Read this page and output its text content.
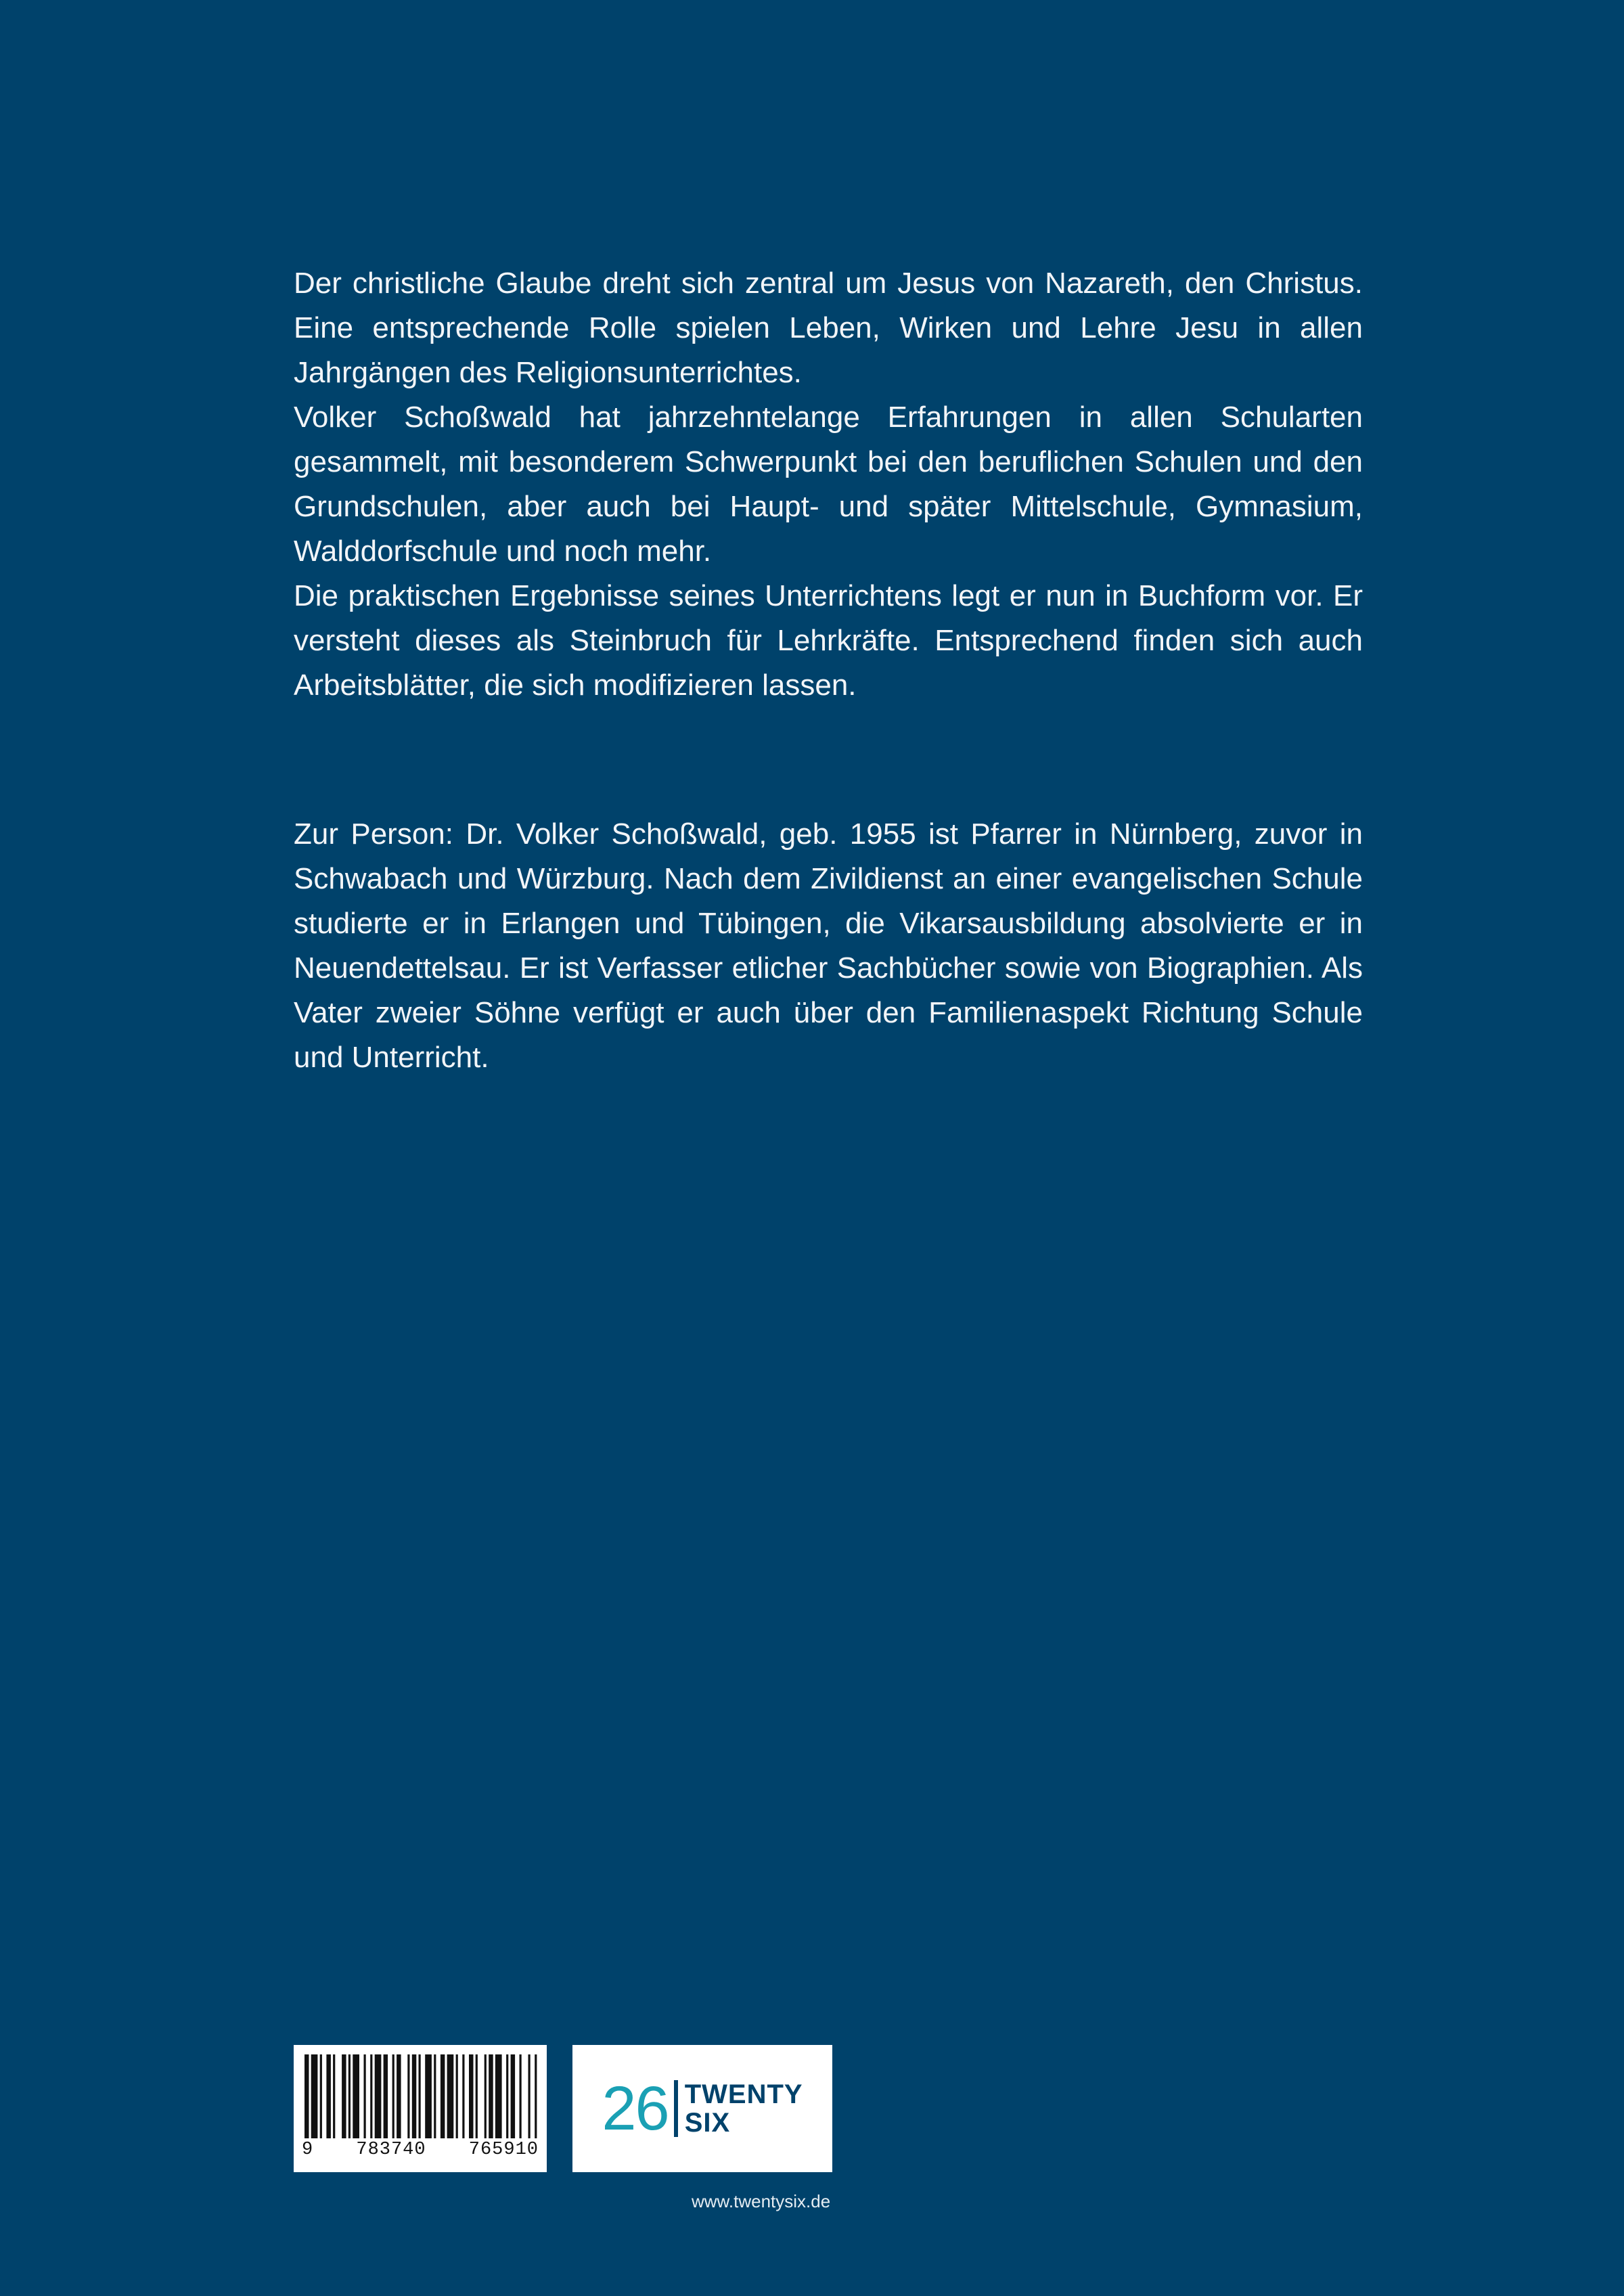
Der christliche Glaube dreht sich zentral um Jesus von Nazareth, den Christus. Eine entsprechende Rolle spielen Leben, Wirken und Lehre Jesu in allen Jahrgängen des Religionsunterrichtes.

Volker Schoßwald hat jahrzehntelange Erfahrungen in allen Schularten gesammelt, mit besonderem Schwerpunkt bei den beruflichen Schulen und den Grundschulen, aber auch bei Haupt- und später Mittelschule, Gymnasium, Walddorfschule und noch mehr.

Die praktischen Ergebnisse seines Unterrichtens legt er nun in Buchform vor. Er versteht dieses als Steinbruch für Lehrkräfte. Entsprechend finden sich auch Arbeitsblätter, die sich modifizieren lassen.

Zur Person: Dr. Volker Schoßwald, geb. 1955 ist Pfarrer in Nürnberg, zuvor in Schwabach und Würzburg. Nach dem Zivildienst an einer evangelischen Schule studierte er in Erlangen und Tübingen, die Vikarsausbildung absolvierte er in Neuendettelsau. Er ist Verfasser etlicher Sachbücher sowie von Biographien. Als Vater zweier Söhne verfügt er auch über den Familienaspekt Richtung Schule und Unterricht.

9 783740 765910
26 TWENTY
SIX
www.twentysix.de
